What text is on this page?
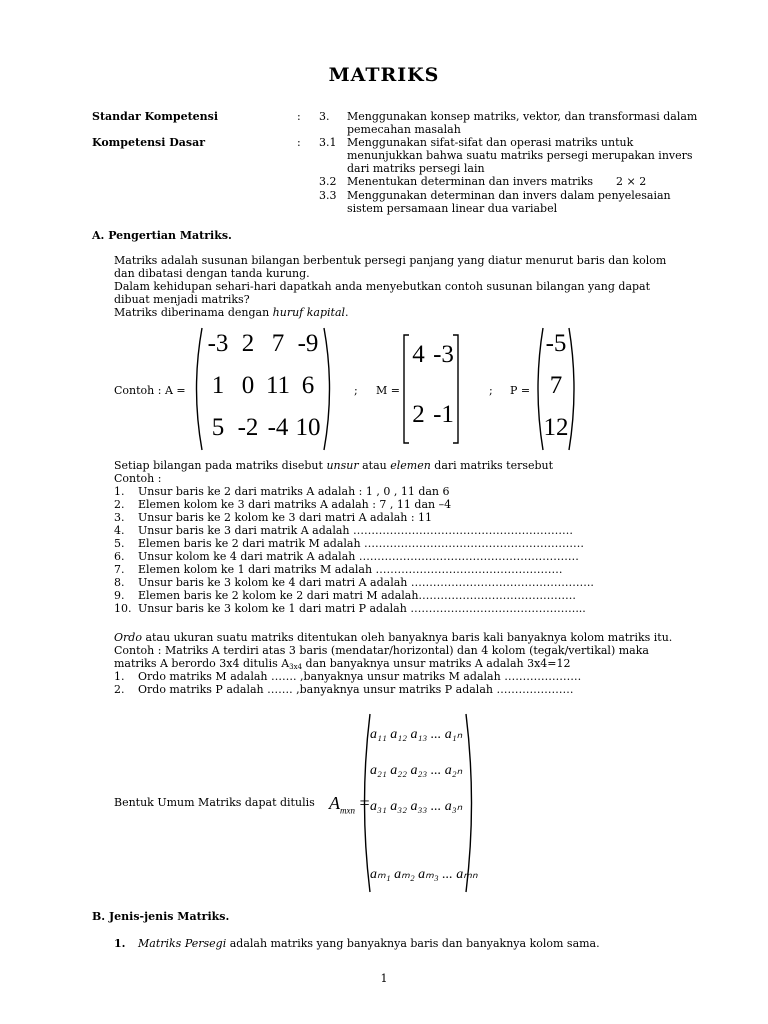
MATRIKS
Standar Kompetensi	: 3. Menggunakan konsep matriks, vektor, dan transformasi dalam
pemecahan masalah
Kompetensi Dasar	: 3.1 Menggunakan sifat-sifat dan operasi matriks untuk
menunjukkan bahwa suatu matriks persegi merupakan invers
dari matriks persegi lain
3.2 Menentukan determinan dan invers matriks 2 × 2
3.3 Menggunakan determinan dan invers dalam penyelesaian
sistem persamaan linear dua variabel
A. Pengertian Matriks.
Matriks adalah susunan bilangan berbentuk persegi panjang yang diatur menurut baris dan kolom
dan dibatasi dengan tanda kurung.
Dalam kehidupan sehari-hari dapatkah anda menyebutkan contoh susunan bilangan yang dapat
dibuat menjadi matriks?
Matriks diberinama dengan huruf kapital.
Contoh : A =
-3 2 7 -9
1 0 11 6
5 -2 -4 10
; M =
4 -3
2 -1
; P =
-5
7
12
Setiap bilangan pada matriks disebut unsur atau elemen dari matriks tersebut
Contoh :
1. Unsur baris ke 2 dari matriks A adalah : 1 , 0 , 11 dan 6
2. Elemen kolom ke 3 dari matriks A adalah : 7 , 11 dan –4
3. Unsur baris ke 2 kolom ke 3 dari matri A adalah : 11
4. Unsur baris ke 3 dari matrik A adalah ……………………………………………………
5. Elemen baris ke 2 dari matrik M adalah ……………………………………………………
6. Unsur kolom ke 4 dari matrik A adalah ……………………………………………………
7. Elemen kolom ke 1 dari matriks M adalah ……………………………………………
8. Unsur baris ke 3 kolom ke 4 dari matri A adalah …………………………………………..
9. Elemen baris ke 2 kolom ke 2 dari matri M adalah…………………………………….
10. Unsur baris ke 3 kolom ke 1 dari matri P adalah ………………………………………...
Ordo atau ukuran suatu matriks ditentukan oleh banyaknya baris kali banyaknya kolom matriks itu.
Contoh : Matriks A terdiri atas 3 baris (mendatar/horizontal) dan 4 kolom (tegak/vertikal) maka
matriks A berordo 3x4 ditulis $A_{3x4}$ dan banyaknya unsur matriks A adalah 3x4=12
1. Ordo matriks M adalah ……. ,banyaknya unsur matriks M adalah …………………
2. Ordo matriks P adalah ……. ,banyaknya unsur matriks P adalah …………………
Bentuk Umum Matriks dapat ditulis $A_{mxn}$ =
a₁₁ a₁₂ a₁₃ ... a₁ₙ
a₂₁ a₂₂ a₂₃ ... a₂ₙ
a₃₁ a₃₂ a₃₃ ... a₃ₙ
aₘ₁ aₘ₂ aₘ₃ ... aₘₙ
B. Jenis-jenis Matriks.
1. Matriks Persegi adalah matriks yang banyaknya baris dan banyaknya kolom sama.
1
